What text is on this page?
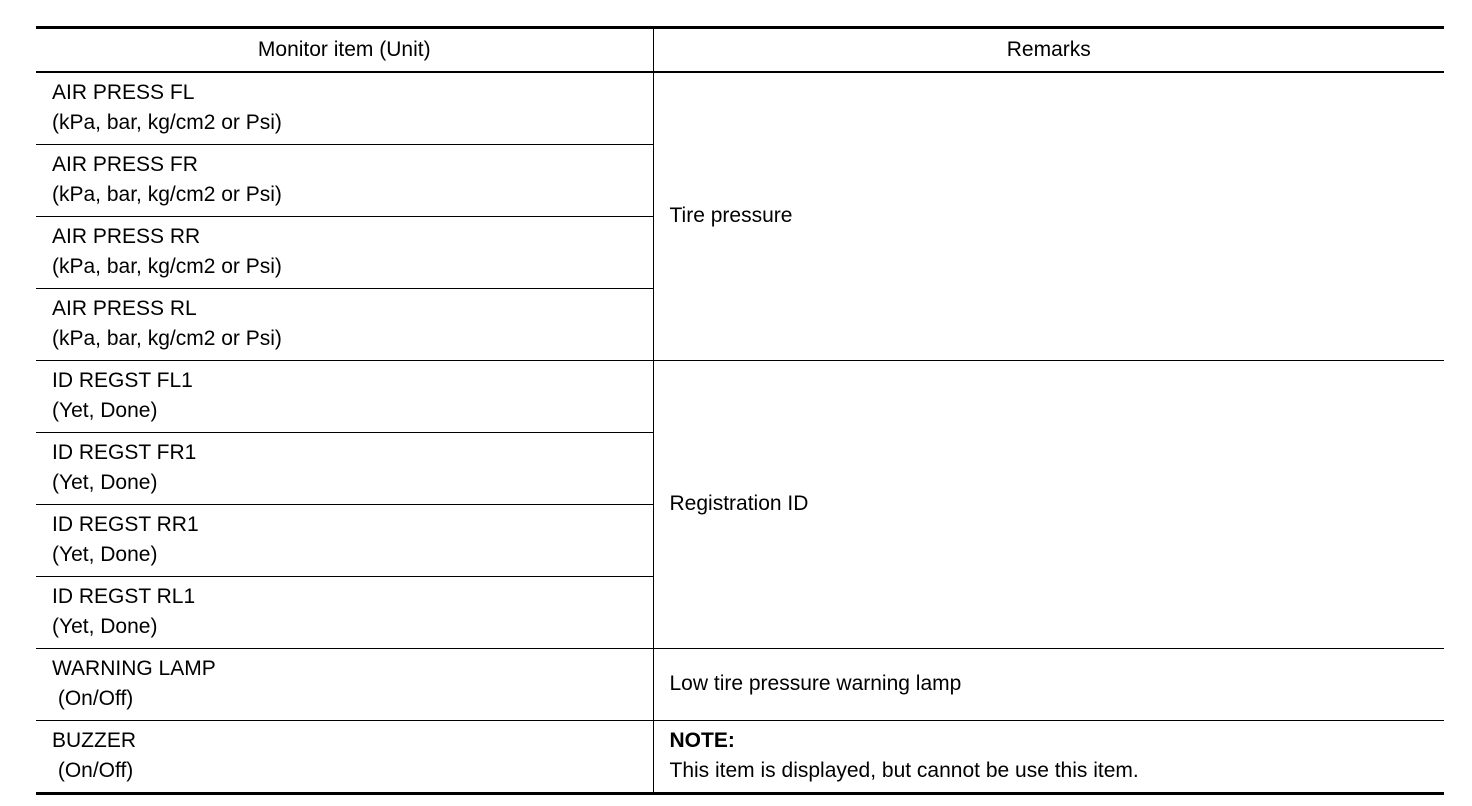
Monitor item (Unit)	Remarks

AIR PRESS FL
(kPa, bar, kg/cm2 or Psi)	Tire pressure

AIR PRESS FR
(kPa, bar, kg/cm2 or Psi)	

AIR PRESS RR
(kPa, bar, kg/cm2 or Psi)	

AIR PRESS RL
(kPa, bar, kg/cm2 or Psi)	

ID REGST FL1
(Yet, Done)	Registration ID

ID REGST FR1
(Yet, Done)	

ID REGST RR1
(Yet, Done)	

ID REGST RL1
(Yet, Done)	

WARNING LAMP
(On/Off)	Low tire pressure warning lamp

BUZZER
(On/Off)	NOTE:
This item is displayed, but cannot be use this item.
